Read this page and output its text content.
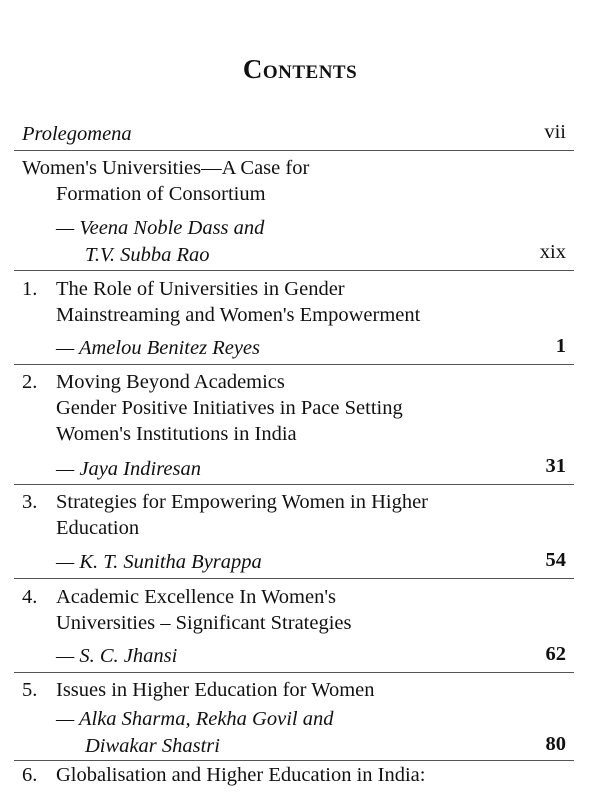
Contents
Prolegomena	vii
Women's Universities—A Case for
Formation of Consortium
— Veena Noble Dass and
T.V. Subba Rao	xix
1. The Role of Universities in Gender
Mainstreaming and Women's Empowerment
— Amelou Benitez Reyes	1
2. Moving Beyond Academics
Gender Positive Initiatives in Pace Setting
Women's Institutions in India
— Jaya Indiresan	31
3. Strategies for Empowering Women in Higher
Education
— K. T. Sunitha Byrappa	54
4. Academic Excellence In Women's
Universities – Significant Strategies
— S. C. Jhansi	62
5. Issues in Higher Education for Women
— Alka Sharma, Rekha Govil and
Diwakar Shastri	80
6. Globalisation and Higher Education in India:
